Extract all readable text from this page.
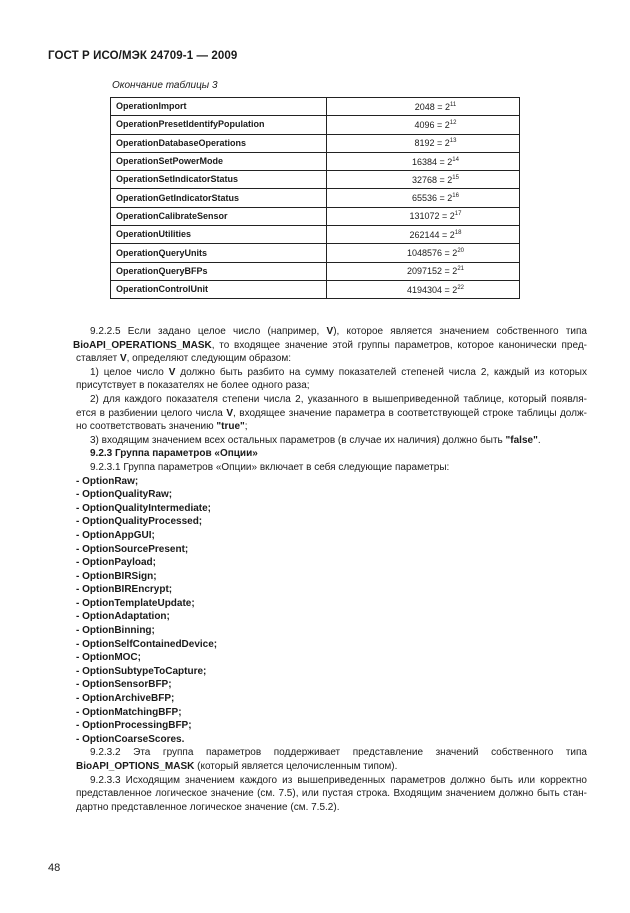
ГОСТ Р ИСО/МЭК 24709-1 — 2009
Окончание таблицы 3
OperationImport	$2048 = 2^{11}$
OperationPresetIdentifyPopulation	$4096 = 2^{12}$
OperationDatabaseOperations	$8192 = 2^{13}$
OperationSetPowerMode	$16384 = 2^{14}$
OperationSetIndicatorStatus	$32768 = 2^{15}$
OperationGetIndicatorStatus	$65536 = 2^{16}$
OperationCalibrateSensor	$131072 = 2^{17}$
OperationUtilities	$262144 = 2^{18}$
OperationQueryUnits	$1048576 = 2^{20}$
OperationQueryBFPs	$2097152 = 2^{21}$
OperationControlUnit	$4194304 = 2^{22}$

9.2.2.5 Если задано целое число (например, V), которое является значением собственного типа

BioAPI_OPERATIONS_MASK, то входящее значение этой группы параметров, которое канонически пред-

ставляет V, определяют следующим образом:

1) целое число V должно быть разбито на сумму показателей степеней числа 2, каждый из которых

присутствует в показателях не более одного раза;

2) для каждого показателя степени числа 2, указанного в вышеприведенной таблице, который появля-

ется в разбиении целого числа V, входящее значение параметра в соответствующей строке таблицы долж-

но соответствовать значению "true";

3) входящим значением всех остальных параметров (в случае их наличия) должно быть "false".

9.2.3 Группа параметров «Опции»

9.2.3.1 Группа параметров «Опции» включает в себя следующие параметры:

- OptionRaw;

- OptionQualityRaw;

- OptionQualityIntermediate;

- OptionQualityProcessed;

- OptionAppGUI;

- OptionSourcePresent;

- OptionPayload;

- OptionBIRSign;

- OptionBIREncrypt;

- OptionTemplateUpdate;

- OptionAdaptation;

- OptionBinning;

- OptionSelfContainedDevice;

- OptionMOC;

- OptionSubtypeToCapture;

- OptionSensorBFP;

- OptionArchiveBFP;

- OptionMatchingBFP;

- OptionProcessingBFP;

- OptionCoarseScores.

9.2.3.2 Эта группа параметров поддерживает представление значений собственного типа

BioAPI_OPTIONS_MASK (который является целочисленным типом).

9.2.3.3 Исходящим значением каждого из вышеприведенных параметров должно быть или корректно

представленное логическое значение (см. 7.5), или пустая строка. Входящим значением должно быть стан-

дартно представленное логическое значение (см. 7.5.2).

48
